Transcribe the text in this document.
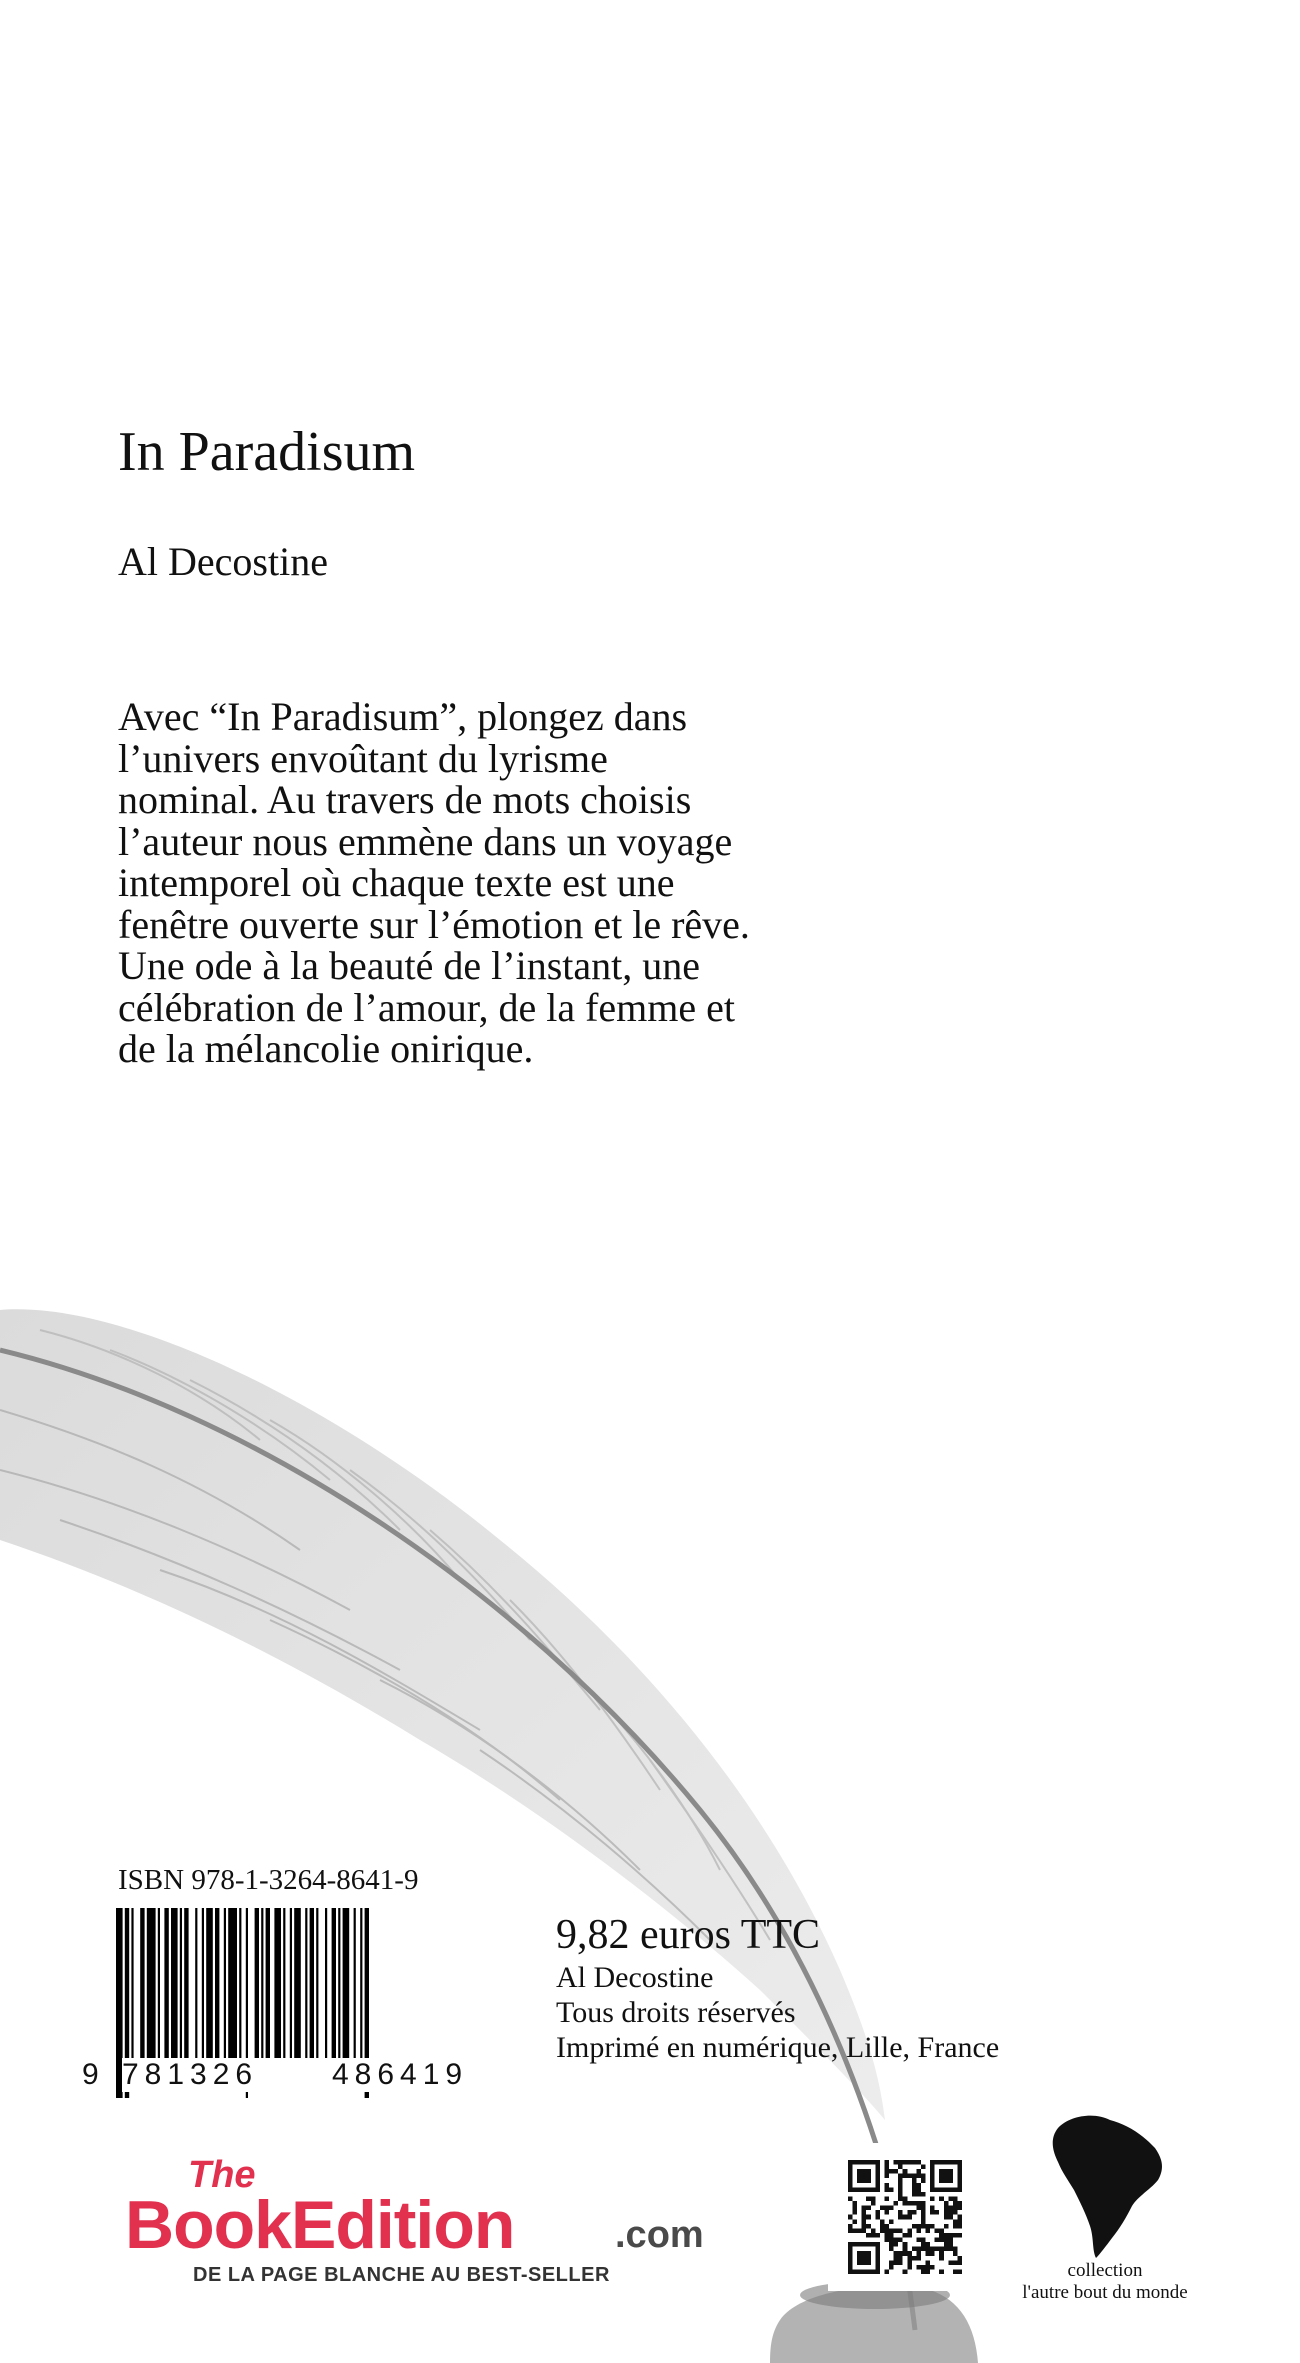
In Paradisum
Al Decostine

Avec “In Paradisum”, plongez dans
l’univers envoûtant du lyrisme
nominal. Au travers de mots choisis
l’auteur nous emmène dans un voyage
intemporel où chaque texte est une
fenêtre ouverte sur l’émotion et le rêve.
Une ode à la beauté de l’instant, une
célébration de l’amour, de la femme et
de la mélancolie onirique.

ISBN 978-1-3264-8641-9
9 781326 486419
9,82 euros TTC
Al Decostine
Tous droits réservés
Imprimé en numérique, Lille, France
The
BookEdition	.com
DE LA PAGE BLANCHE AU BEST-SELLER	collection
l'autre bout du monde
